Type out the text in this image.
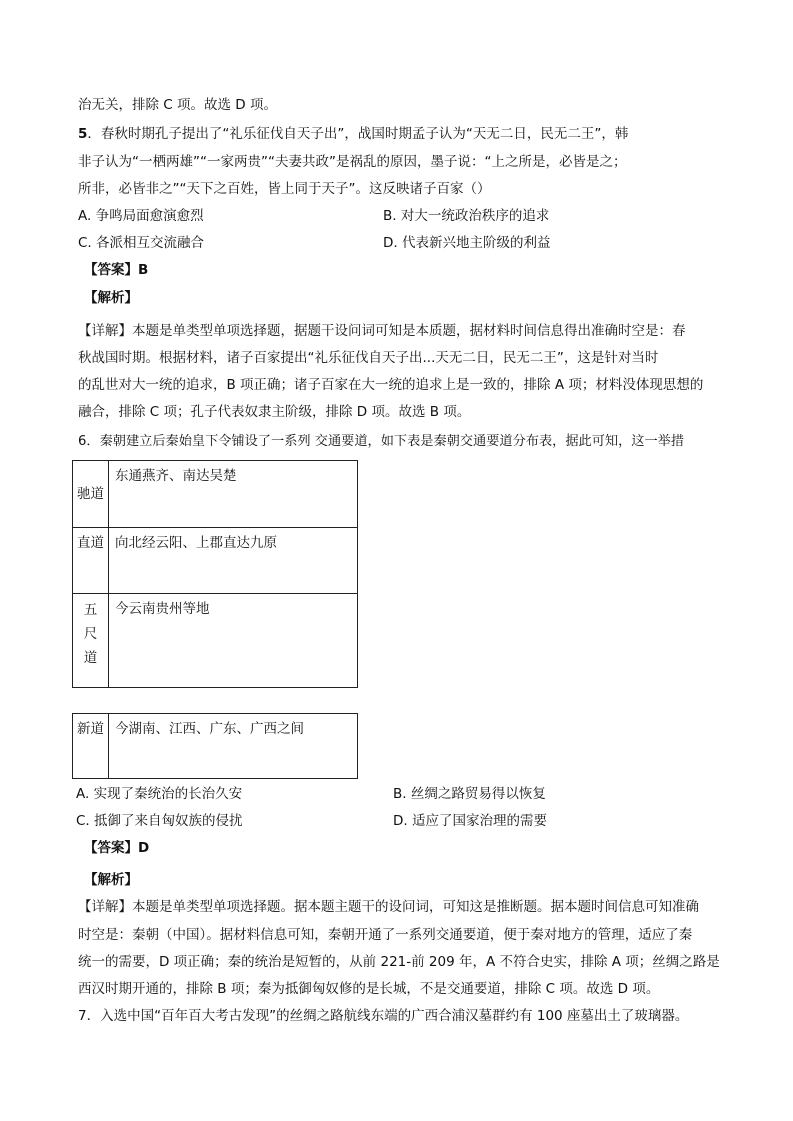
治无关，排除 C 项。故选 D 项。
5．春秋时期孔子提出了“礼乐征伐自天子出”，战国时期孟子认为“天无二日，民无二王”，韩
非子认为“一栖两雄”“一家两贵”“夫妻共政”是祸乱的原因，墨子说：“上之所是，必皆是之；
所非，必皆非之”“天下之百姓，皆上同于天子”。这反映诸子百家（）
A. 争鸣局面愈演愈烈	B. 对大一统政治秩序的追求
C. 各派相互交流融合	D. 代表新兴地主阶级的利益
【答案】B
【解析】
【详解】本题是单类型单项选择题，据题干设问词可知是本质题，据材料时间信息得出准确时空是：春
秋战国时期。根据材料，诸子百家提出“礼乐征伐自天子出...天无二日，民无二王”，这是针对当时
的乱世对大一统的追求，B 项正确；诸子百家在大一统的追求上是一致的，排除 A 项；材料没体现思想的
融合，排除 C 项；孔子代表奴隶主阶级，排除 D 项。故选 B 项。
6．秦朝建立后秦始皇下令铺设了一系列 交通要道，如下表是秦朝交通要道分布表，据此可知，这一举措
驰道	东通燕齐、南达吴楚
直道	向北经云阳、上郡直达九原
五尺道	今云南贵州等地
新道	今湖南、江西、广东、广西之间
A. 实现了秦统治的长治久安	B. 丝绸之路贸易得以恢复
C. 抵御了来自匈奴族的侵扰	D. 适应了国家治理的需要
【答案】D
【解析】
【详解】本题是单类型单项选择题。据本题主题干的设问词，可知这是推断题。据本题时间信息可知准确
时空是：秦朝（中国）。据材料信息可知，秦朝开通了一系列交通要道，便于秦对地方的管理，适应了秦
统一的需要，D 项正确；秦的统治是短暂的，从前 221-前 209 年，A 不符合史实，排除 A 项；丝绸之路是
西汉时期开通的，排除 B 项；秦为抵御匈奴修的是长城，不是交通要道，排除 C 项。故选 D 项。
7．入选中国“百年百大考古发现”的丝绸之路航线东端的广西合浦汉墓群约有 100 座墓出土了玻璃器。
